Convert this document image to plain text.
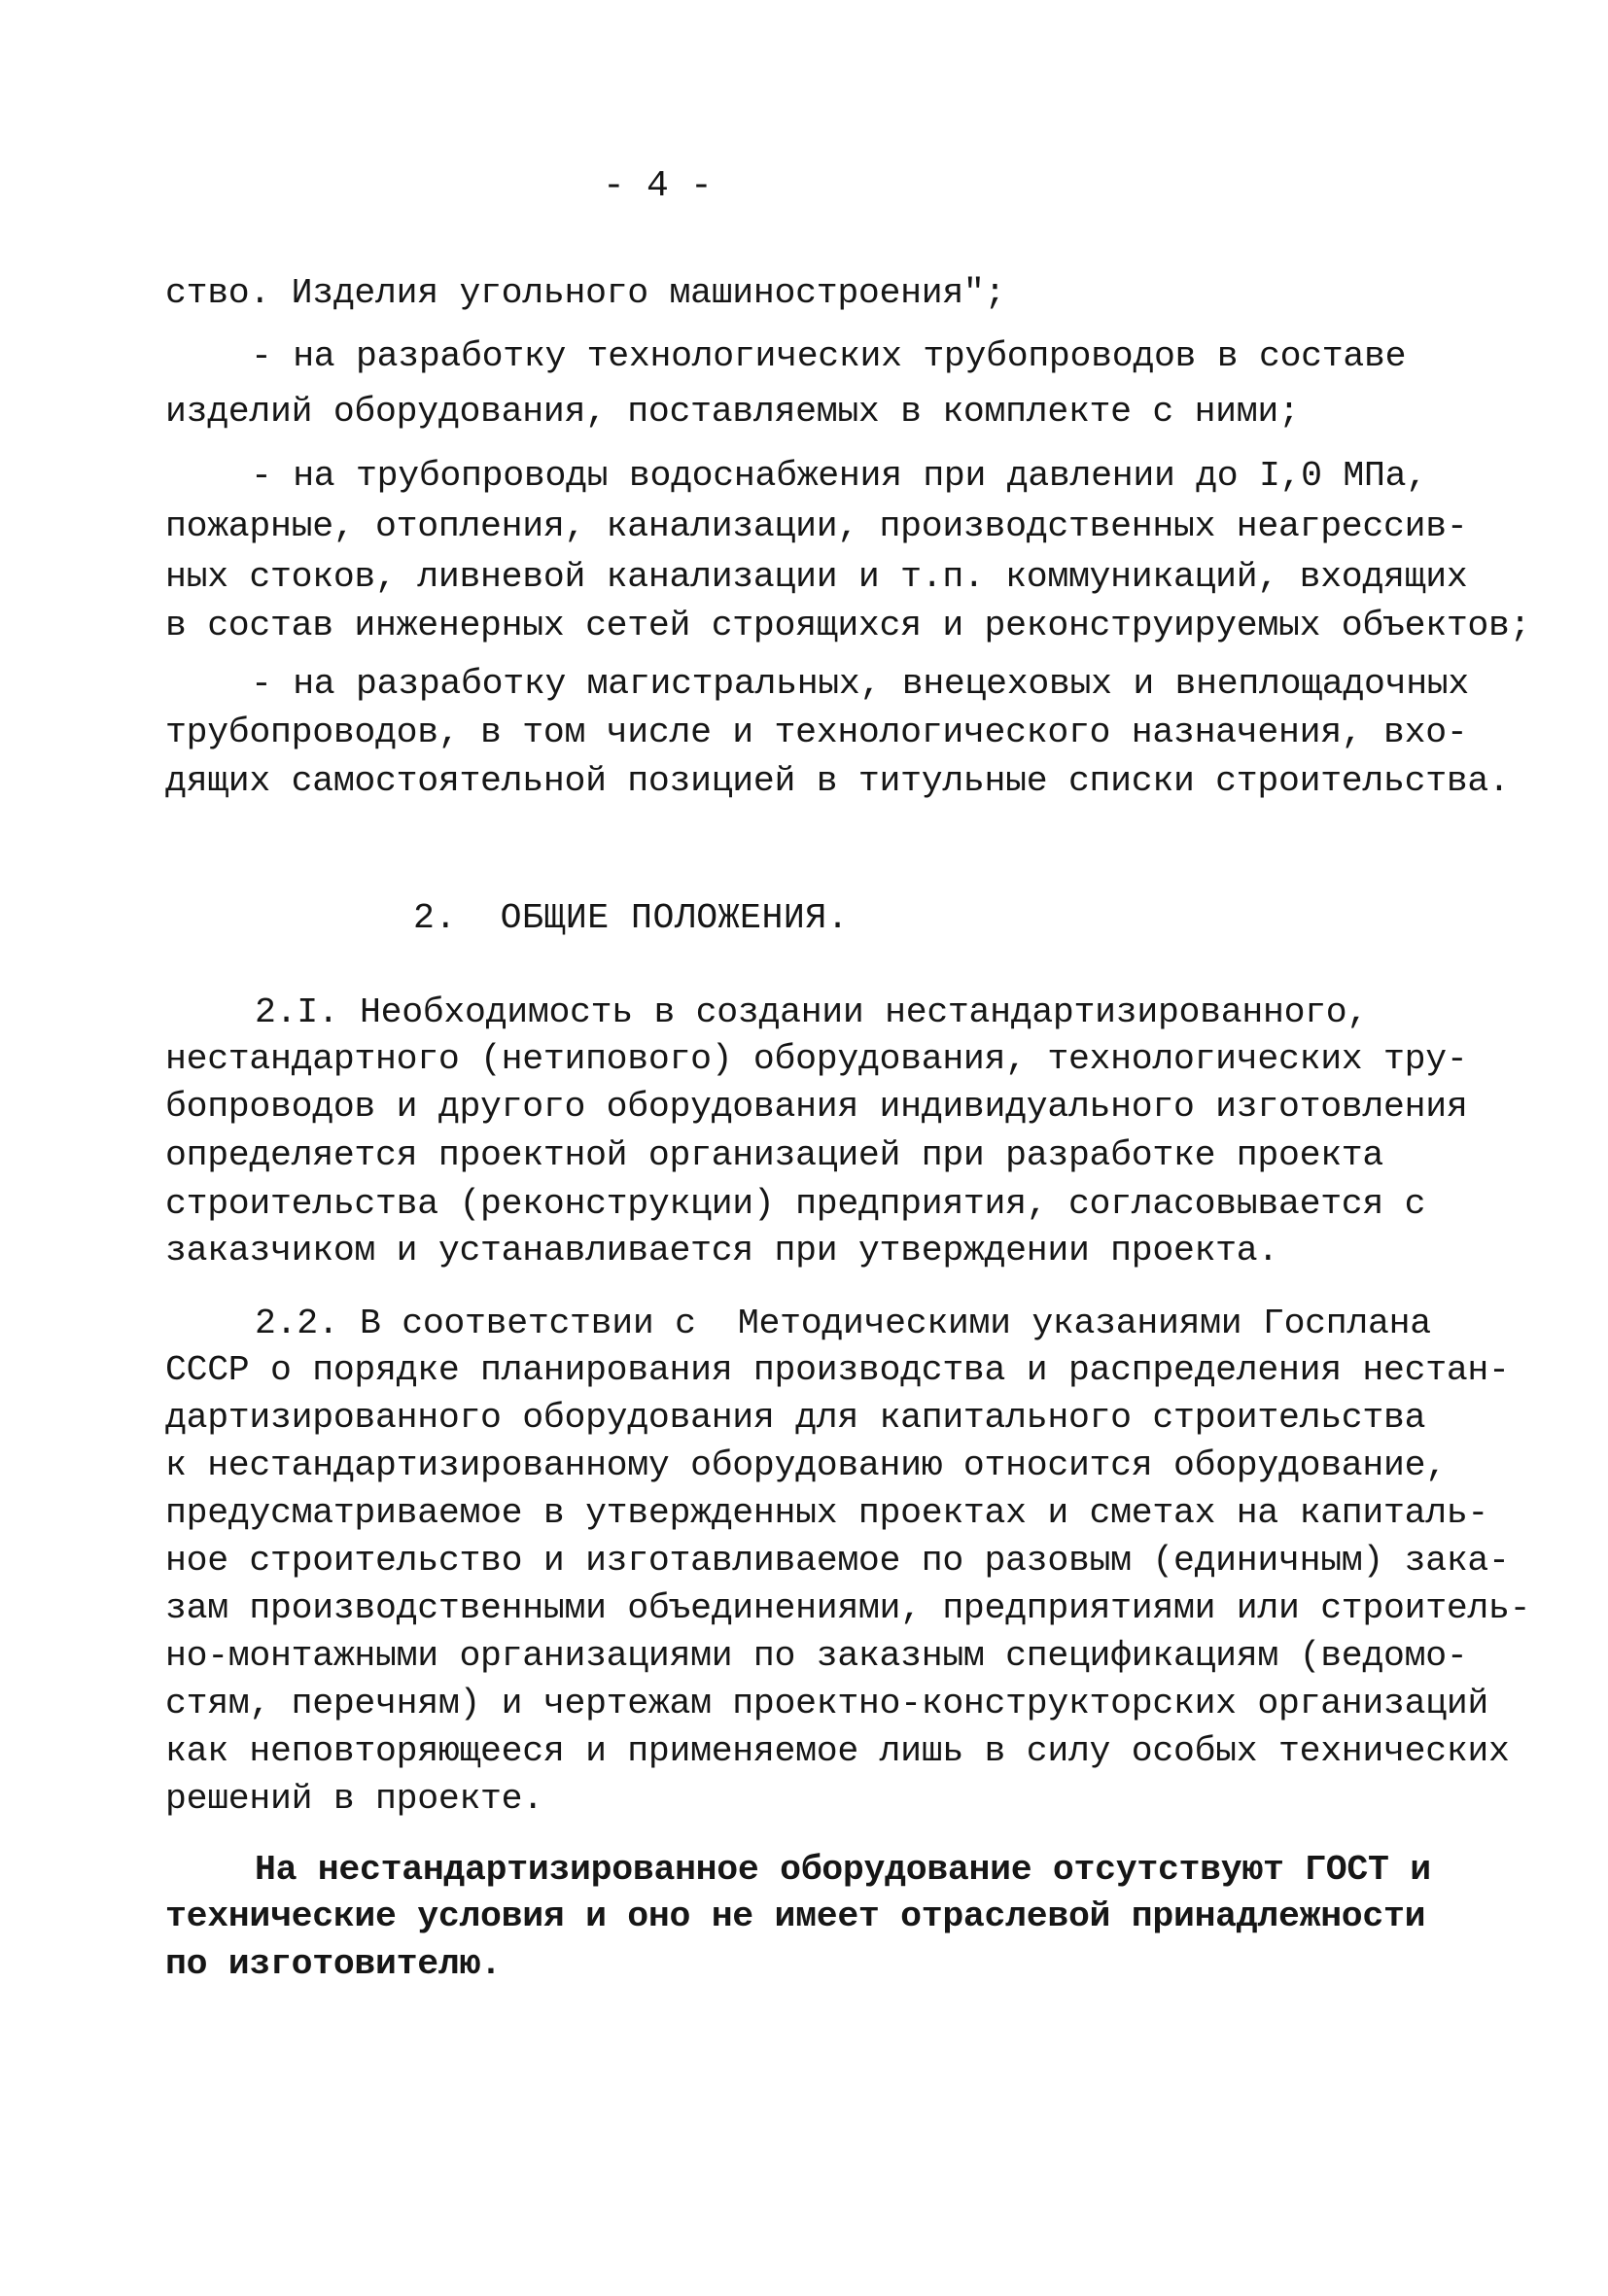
- 4 -

ство. Изделия угольного машиностроения";

- на разработку технологических трубопроводов в составе

изделий оборудования, поставляемых в комплекте с ними;

- на трубопроводы водоснабжения при давлении до I,0 МПа,

пожарные, отопления, канализации, производственных неагрессив-

ных стоков, ливневой канализации и т.п. коммуникаций, входящих

в состав инженерных сетей строящихся и реконструируемых объектов;

- на разработку магистральных, внецеховых и внеплощадочных

трубопроводов, в том числе и технологического назначения, вхо-

дящих самостоятельной позицией в титульные списки строительства.

2.  ОБЩИЕ ПОЛОЖЕНИЯ.

2.I. Необходимость в создании нестандартизированного,

нестандартного (нетипового) оборудования, технологических тру-

бопроводов и другого оборудования индивидуального изготовления

определяется проектной организацией при разработке проекта

строительства (реконструкции) предприятия, согласовывается с

заказчиком и устанавливается при утверждении проекта.

2.2. В соответствии с  Методическими указаниями Госплана

СССР о порядке планирования производства и распределения нестан-

дартизированного оборудования для капитального строительства

к нестандартизированному оборудованию относится оборудование,

предусматриваемое в утвержденных проектах и сметах на капиталь-

ное строительство и изготавливаемое по разовым (единичным) зака-

зам производственными объединениями, предприятиями или строитель-

но-монтажными организациями по заказным спецификациям (ведомо-

стям, перечням) и чертежам проектно-конструкторских организаций

как неповторяющееся и применяемое лишь в силу особых технических

решений в проекте.

На нестандартизированное оборудование отсутствуют ГОСТ и

технические условия и оно не имеет отраслевой принадлежности

по изготовителю.
